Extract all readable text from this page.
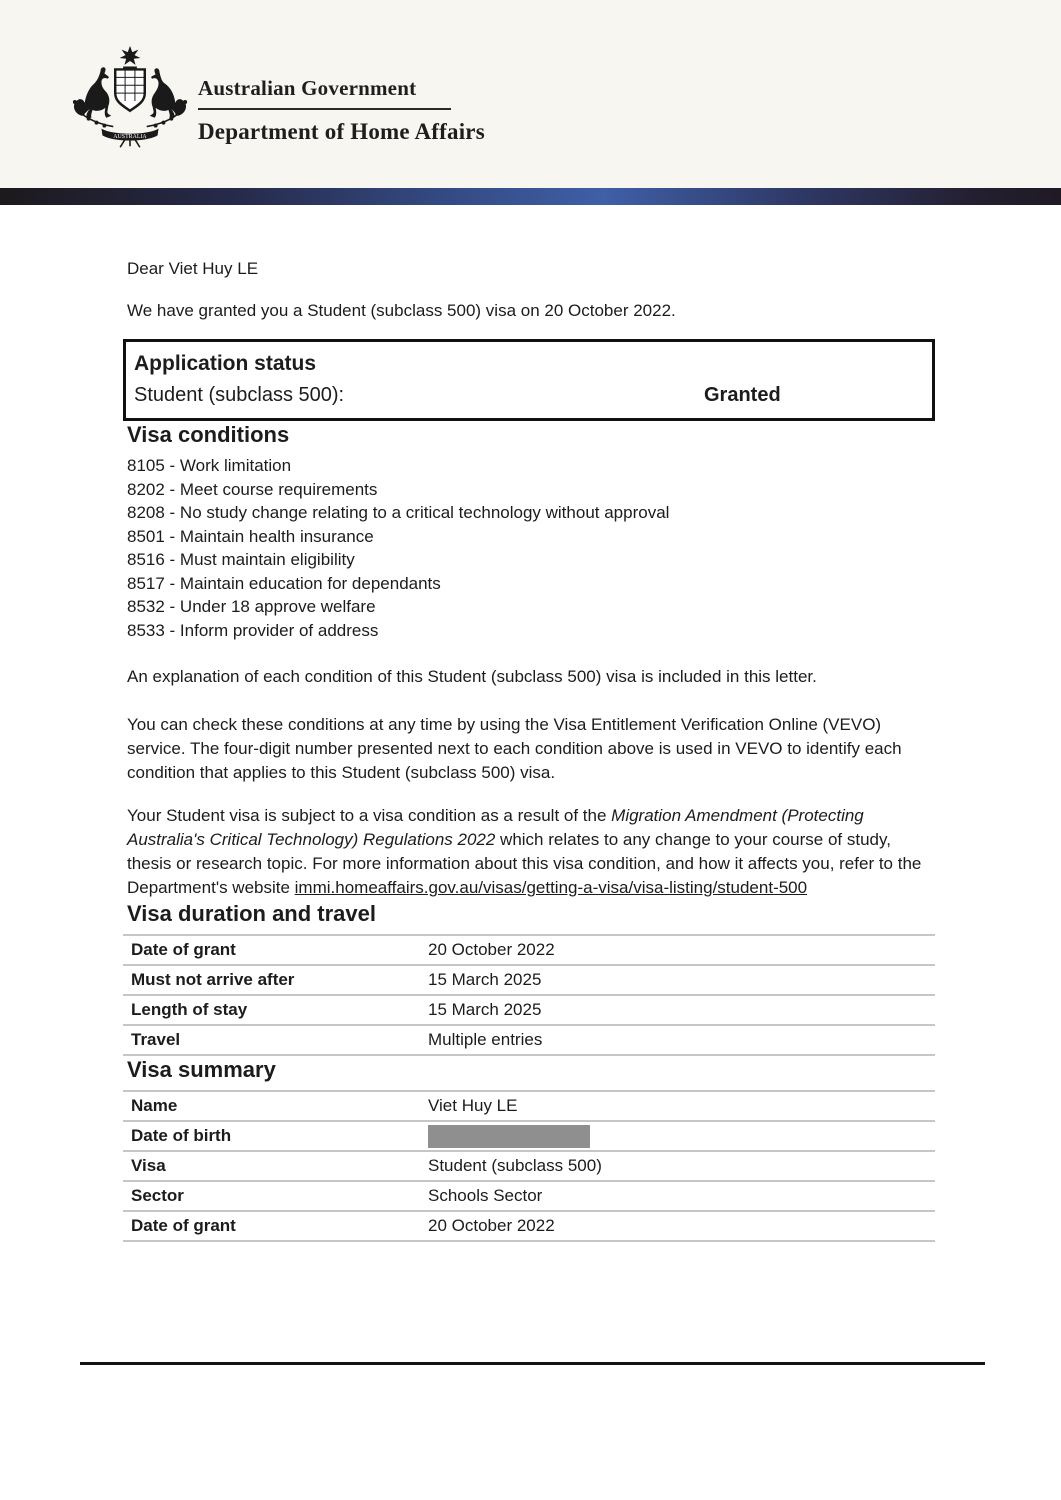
AUSTRALIA
Australian Government
Department of Home Affairs
Dear Viet Huy LE
We have granted you a Student (subclass 500) visa on 20 October 2022.
Application status
Student (subclass 500):	Granted
Visa conditions
8105 - Work limitation
8202 - Meet course requirements
8208 - No study change relating to a critical technology without approval
8501 - Maintain health insurance
8516 - Must maintain eligibility
8517 - Maintain education for dependants
8532 - Under 18 approve welfare
8533 - Inform provider of address

An explanation of each condition of this Student (subclass 500) visa is included in this letter.

You can check these conditions at any time by using the Visa Entitlement Verification Online (VEVO) service. The four-digit number presented next to each condition above is used in VEVO to identify each condition that applies to this Student (subclass 500) visa.

Your Student visa is subject to a visa condition as a result of the Migration Amendment (Protecting Australia's Critical Technology) Regulations 2022 which relates to any change to your course of study, thesis or research topic. For more information about this visa condition, and how it affects you, refer to the Department's website immi.homeaffairs.gov.au/visas/getting-a-visa/visa-listing/student-500

Visa duration and travel
Date of grant	20 October 2022
Must not arrive after	15 March 2025
Length of stay	15 March 2025
Travel	Multiple entries
Visa summary
Name	Viet Huy LE
Date of birth
Visa	Student (subclass 500)
Sector	Schools Sector
Date of grant	20 October 2022
